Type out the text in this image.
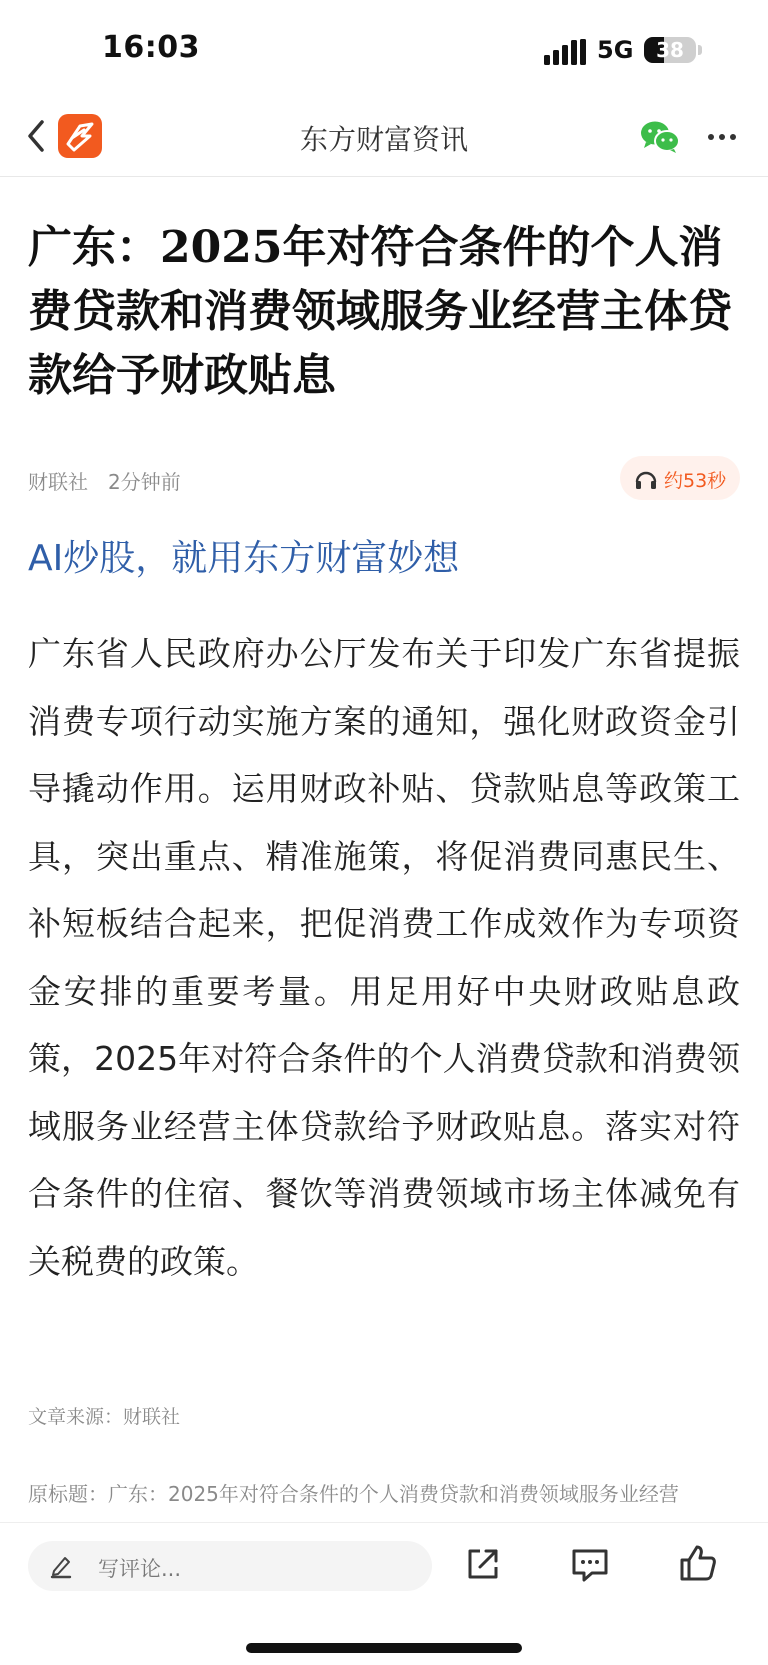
16:03	5G	38
东方财富资讯
广东：2025年对符合条件的个人消费贷款和消费领域服务业经营主体贷款给予财政贴息
财联社 2分钟前	约53秒
AI炒股，就用东方财富妙想

广东省人民政府办公厅发布关于印发广东省提振消费专项行动实施方案的通知，强化财政资金引导撬动作用。运用财政补贴、贷款贴息等政策工具，突出重点、精准施策，将促消费同惠民生、补短板结合起来，把促消费工作成效作为专项资金安排的重要考量。用足用好中央财政贴息政策，2025年对符合条件的个人消费贷款和消费领域服务业经营主体贷款给予财政贴息。落实对符合条件的住宿、餐饮等消费领域市场主体减免有关税费的政策。

文章来源：财联社
原标题：广东：2025年对符合条件的个人消费贷款和消费领域服务业经营
写评论...
